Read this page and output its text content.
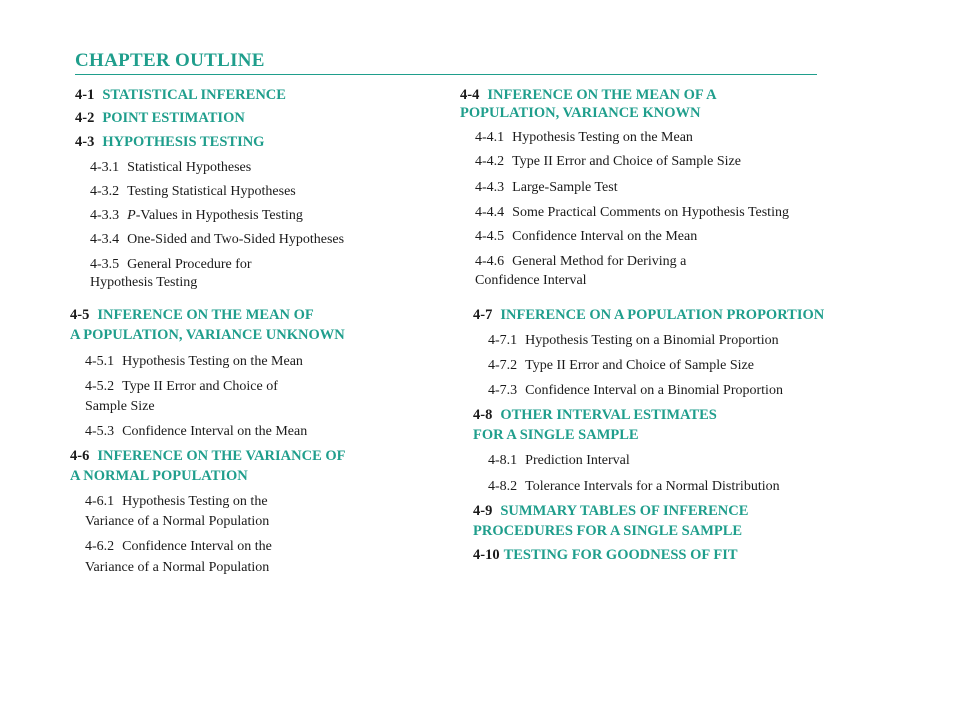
CHAPTER OUTLINE
4-1 STATISTICAL INFERENCE
4-2 POINT ESTIMATION
4-3 HYPOTHESIS TESTING
4-3.1 Statistical Hypotheses
4-3.2 Testing Statistical Hypotheses
4-3.3 P-Values in Hypothesis Testing
4-3.4 One-Sided and Two-Sided Hypotheses
4-3.5 General Procedure for
Hypothesis Testing
4-4 INFERENCE ON THE MEAN OF A
POPULATION, VARIANCE KNOWN
4-4.1 Hypothesis Testing on the Mean
4-4.2 Type II Error and Choice of Sample Size
4-4.3 Large-Sample Test
4-4.4 Some Practical Comments on Hypothesis Testing
4-4.5 Confidence Interval on the Mean
4-4.6 General Method for Deriving a
Confidence Interval
4-5 INFERENCE ON THE MEAN OF
A POPULATION, VARIANCE UNKNOWN
4-5.1 Hypothesis Testing on the Mean
4-5.2 Type II Error and Choice of
Sample Size
4-5.3 Confidence Interval on the Mean
4-6 INFERENCE ON THE VARIANCE OF
A NORMAL POPULATION
4-6.1 Hypothesis Testing on the
Variance of a Normal Population
4-6.2 Confidence Interval on the
Variance of a Normal Population
4-7 INFERENCE ON A POPULATION PROPORTION
4-7.1 Hypothesis Testing on a Binomial Proportion
4-7.2 Type II Error and Choice of Sample Size
4-7.3 Confidence Interval on a Binomial Proportion
4-8 OTHER INTERVAL ESTIMATES
FOR A SINGLE SAMPLE
4-8.1 Prediction Interval
4-8.2 Tolerance Intervals for a Normal Distribution
4-9 SUMMARY TABLES OF INFERENCE
PROCEDURES FOR A SINGLE SAMPLE
4-10 TESTING FOR GOODNESS OF FIT
